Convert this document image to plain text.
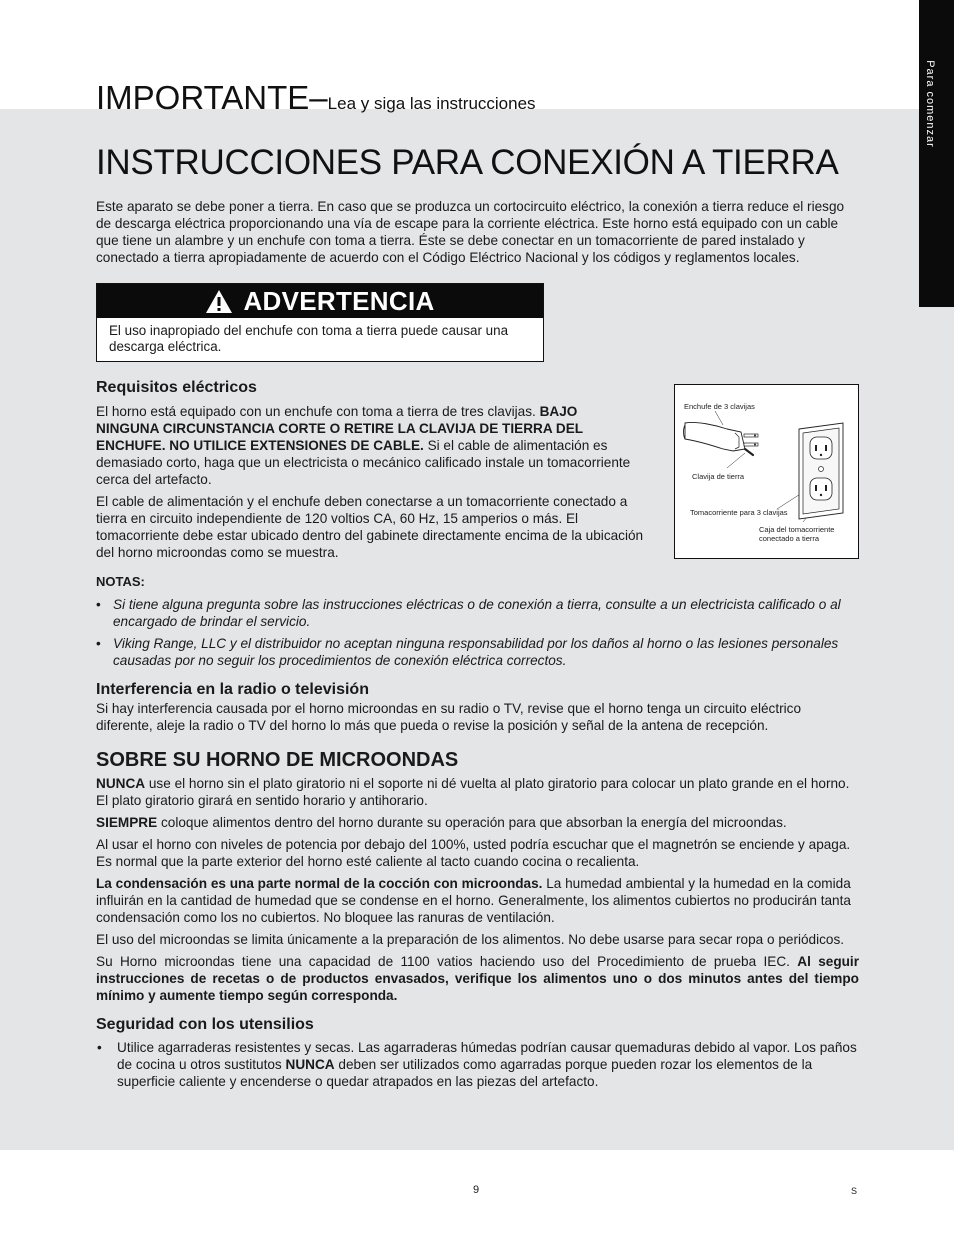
Para comenzar
IMPORTANTE–Lea y siga las instrucciones
INSTRUCCIONES PARA CONEXIÓN A TIERRA

Este aparato se debe poner a tierra. En caso que se produzca un cortocircuito eléctrico, la conexión a tierra reduce el riesgo de descarga eléctrica proporcionando una vía de escape para la corriente eléctrica. Este horno está equipado con un cable que tiene un alambre y un enchufe con toma a tierra. Éste se debe conectar en un tomacorriente de pared instalado y conectado a tierra apropiadamente de acuerdo con el Código Eléctrico Nacional y los códigos y reglamentos locales.

ADVERTENCIA
El uso inapropiado del enchufe con toma a tierra puede causar una descarga eléctrica.
Requisitos eléctricos

El horno está equipado con un enchufe con toma a tierra de tres clavijas. BAJO NINGUNA CIRCUNSTANCIA CORTE O RETIRE LA CLAVIJA DE TIERRA DEL ENCHUFE. NO UTILICE EXTENSIONES DE CABLE. Si el cable de alimentación es demasiado corto, haga que un electricista o mecánico calificado instale un tomacorriente cerca del artefacto.

El cable de alimentación y el enchufe deben conectarse a un tomacorriente conectado a tierra en circuito independiente de 120 voltios CA, 60 Hz, 15 amperios o más. El tomacorriente debe estar ubicado dentro del gabinete directamente encima de la ubicación del horno microondas como se muestra.

Enchufe de 3 clavijas
Clavija de tierra
Tomacorriente para 3 clavijas
Caja del tomacorriente
conectado a tierra

NOTAS:

• Si tiene alguna pregunta sobre las instrucciones eléctricas o de conexión a tierra, consulte a un electricista calificado o al encargado de brindar el servicio.
• Viking Range, LLC y el distribuidor no aceptan ninguna responsabilidad por los daños al horno o las lesiones personales causadas por no seguir los procedimientos de conexión eléctrica correctos.
Interferencia en la radio o televisión

Si hay interferencia causada por el horno microondas en su radio o TV, revise que el horno tenga un circuito eléctrico diferente, aleje la radio o TV del horno lo más que pueda o revise la posición y señal de la antena de recepción.

SOBRE SU HORNO DE MICROONDAS

NUNCA use el horno sin el plato giratorio ni el soporte ni dé vuelta al plato giratorio para colocar un plato grande en el horno. El plato giratorio girará en sentido horario y antihorario.

SIEMPRE coloque alimentos dentro del horno durante su operación para que absorban la energía del microondas.

Al usar el horno con niveles de potencia por debajo del 100%, usted podría escuchar que el magnetrón se enciende y apaga. Es normal que la parte exterior del horno esté caliente al tacto cuando cocina o recalienta.

La condensación es una parte normal de la cocción con microondas. La humedad ambiental y la humedad en la comida influirán en la cantidad de humedad que se condense en el horno. Generalmente, los alimentos cubiertos no producirán tanta condensación como los no cubiertos. No bloquee las ranuras de ventilación.

El uso del microondas se limita únicamente a la preparación de los alimentos. No debe usarse para secar ropa o periódicos.

Su Horno microondas tiene una capacidad de 1100 vatios haciendo uso del Procedimiento de prueba IEC. Al seguir instrucciones de recetas o de productos envasados, verifique los alimentos uno o dos minutos antes del tiempo mínimo y aumente tiempo según corresponda.

Seguridad con los utensilios
• Utilice agarraderas resistentes y secas. Las agarraderas húmedas podrían causar quemaduras debido al vapor. Los paños de cocina u otros sustitutos NUNCA deben ser utilizados como agarradas porque pueden rozar los elementos de la superficie caliente y encenderse o quedar atrapados en las piezas del artefacto.
9	S
